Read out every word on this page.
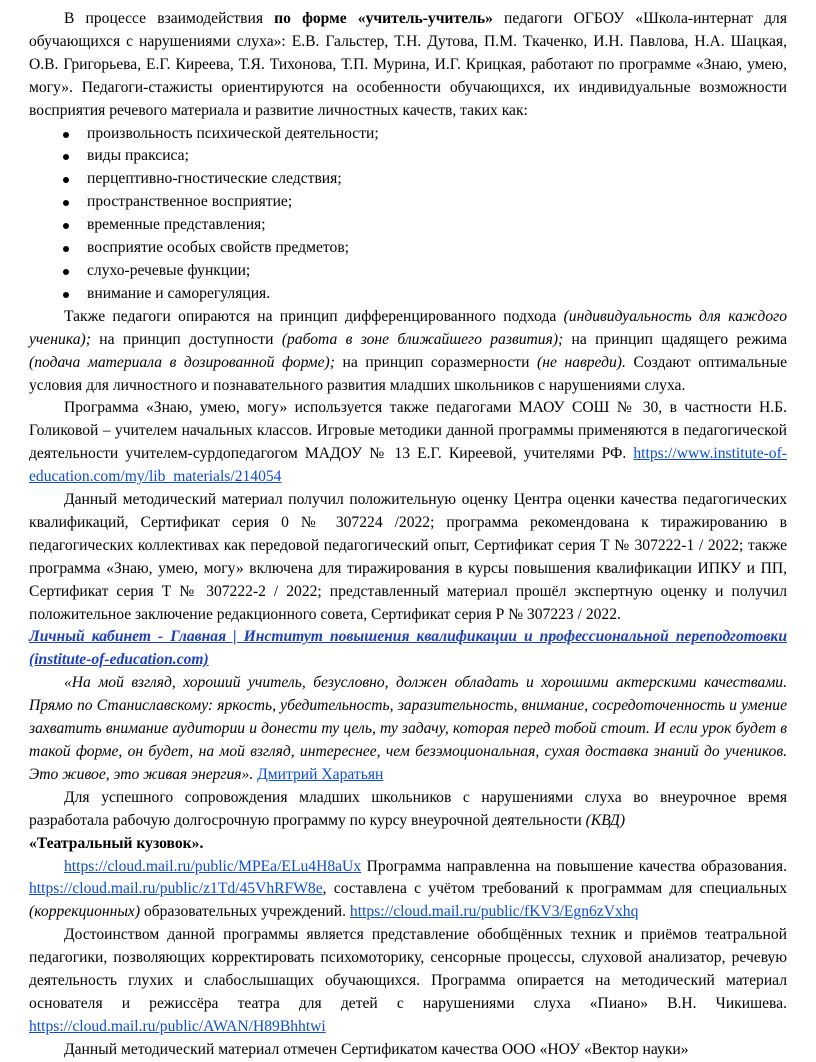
В процессе взаимодействия по форме «учитель-учитель» педагоги ОГБОУ «Школа-интернат для обучающихся с нарушениями слуха»: Е.В. Гальстер, Т.Н. Дутова, П.М. Ткаченко, И.Н. Павлова, Н.А. Шацкая, О.В. Григорьева, Е.Г. Киреева, Т.Я. Тихонова, Т.П. Мурина, И.Г. Крицкая, работают по программе «Знаю, умею, могу». Педагоги-стажисты ориентируются на особенности обучающихся, их индивидуальные возможности восприятия речевого материала и развитие личностных качеств, таких как:

произвольность психической деятельности;
виды праксиса;
перцептивно-гностические следствия;
пространственное восприятие;
временные представления;
восприятие особых свойств предметов;
слухо-речевые функции;
внимание и саморегуляция.

Также педагоги опираются на принцип дифференцированного подхода (индивидуальность для каждого ученика); на принцип доступности (работа в зоне ближайшего развития); на принцип щадящего режима (подача материала в дозированной форме); на принцип соразмерности (не навреди). Создают оптимальные условия для личностного и познавательного развития младших школьников с нарушениями слуха.

Программа «Знаю, умею, могу» используется также педагогами МАОУ СОШ № 30, в частности Н.Б. Голиковой – учителем начальных классов. Игровые методики данной программы применяются в педагогической деятельности учителем-сурдопедагогом МАДОУ № 13 Е.Г. Киреевой, учителями РФ. https://www.institute-of-education.com/my/lib_materials/214054

Данный методический материал получил положительную оценку Центра оценки качества педагогических квалификаций, Сертификат серия 0 № 307224 /2022; программа рекомендована к тиражированию в педагогических коллективах как передовой педагогический опыт, Сертификат серия Т № 307222-1 / 2022; также программа «Знаю, умею, могу» включена для тиражирования в курсы повышения квалификации ИПКУ и ПП, Сертификат серия Т № 307222-2 / 2022; представленный материал прошёл экспертную оценку и получил положительное заключение редакционного совета, Сертификат серия Р № 307223 / 2022.

Личный кабинет - Главная | Институт повышения квалификации и профессиональной переподготовки (institute-of-education.com)

«На мой взгляд, хороший учитель, безусловно, должен обладать и хорошими актерскими качествами. Прямо по Станиславскому: яркость, убедительность, заразительность, внимание, сосредоточенность и умение захватить внимание аудитории и донести ту цель, ту задачу, которая перед тобой стоит. И если урок будет в такой форме, он будет, на мой взгляд, интереснее, чем безэмоциональная, сухая доставка знаний до учеников. Это живое, это живая энергия». Дмитрий Харатьян

Для успешного сопровождения младших школьников с нарушениями слуха во внеурочное время разработала рабочую долгосрочную программу по курсу внеурочной деятельности (КВД)
«Театральный кузовок».

https://cloud.mail.ru/public/MPEa/ELu4H8aUx Программа направленна на повышение качества образования. https://cloud.mail.ru/public/z1Td/45VhRFW8e, составлена с учётом требований к программам для специальных (коррекционных) образовательных учреждений. https://cloud.mail.ru/public/fKV3/Egn6zVxhq

Достоинством данной программы является представление обобщённых техник и приёмов театральной педагогики, позволяющих корректировать психомоторику, сенсорные процессы, слуховой анализатор, речевую деятельность глухих и слабослышащих обучающихся. Программа опирается на методический материал основателя и режиссёра театра для детей с нарушениями слуха «Пиано» В.Н. Чикишева. https://cloud.mail.ru/public/AWAN/H89Bhhtwi

Данный методический материал отмечен Сертификатом качества ООО «НОУ «Вектор науки»
